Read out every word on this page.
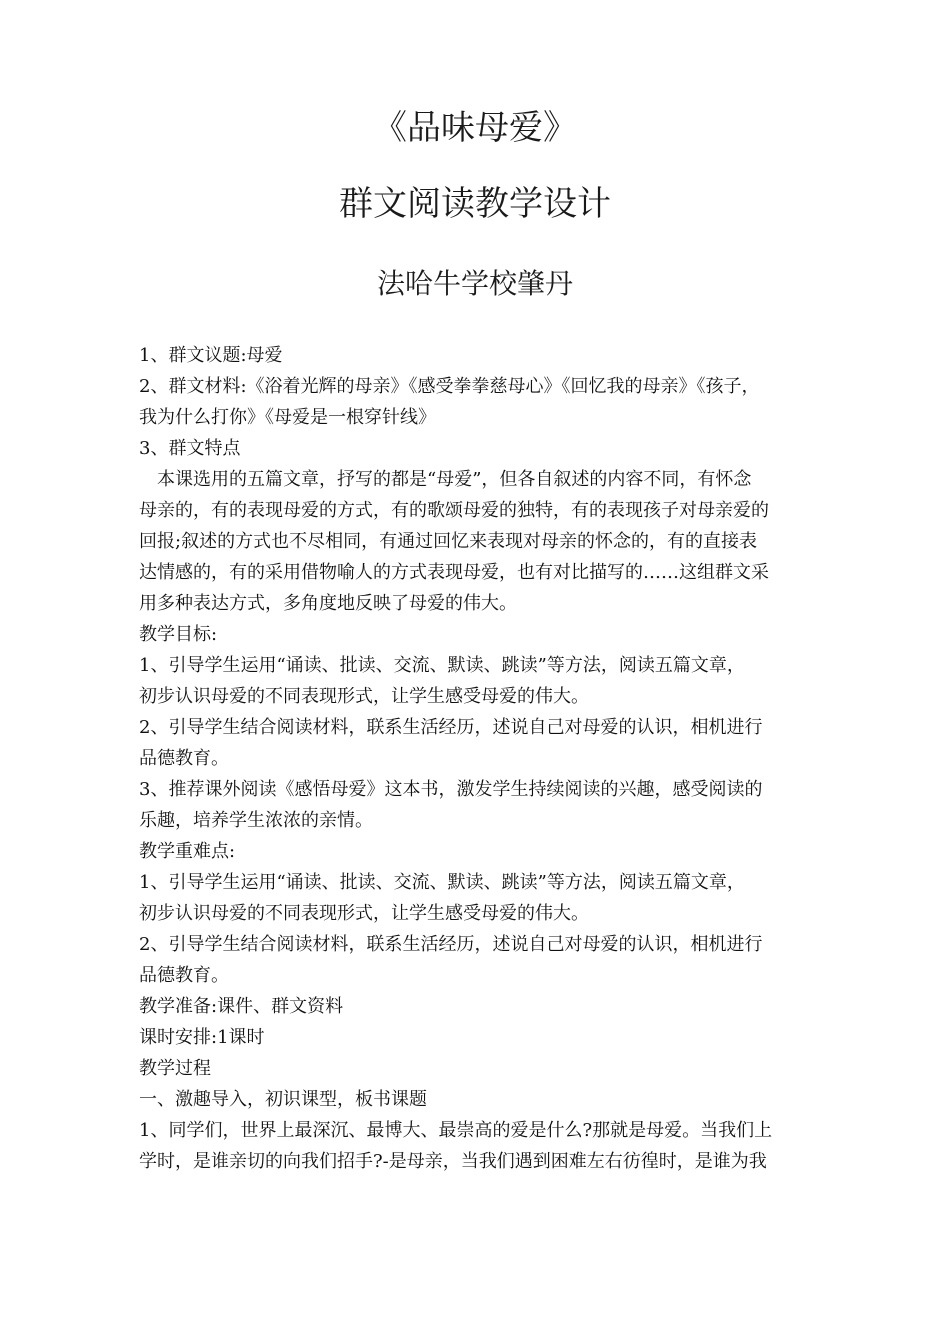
《品味母爱》
群文阅读教学设计
法哈牛学校肇丹

1、群文议题:母爱

2、群文材料:《浴着光辉的母亲》《感受拳拳慈母心》《回忆我的母亲》《孩子，

我为什么打你》《母爱是一根穿针线》

3、群文特点

　本课选用的五篇文章，抒写的都是“母爱”，但各自叙述的内容不同，有怀念

母亲的，有的表现母爱的方式，有的歌颂母爱的独特，有的表现孩子对母亲爱的

回报;叙述的方式也不尽相同，有通过回忆来表现对母亲的怀念的，有的直接表

达情感的，有的采用借物喻人的方式表现母爱，也有对比描写的……这组群文采

用多种表达方式，多角度地反映了母爱的伟大。

教学目标:

1、引导学生运用“诵读、批读、交流、默读、跳读”等方法，阅读五篇文章，

初步认识母爱的不同表现形式，让学生感受母爱的伟大。

2、引导学生结合阅读材料，联系生活经历，述说自己对母爱的认识，相机进行

品德教育。

3、推荐课外阅读《感悟母爱》这本书，激发学生持续阅读的兴趣，感受阅读的

乐趣，培养学生浓浓的亲情。

教学重难点:

1、引导学生运用“诵读、批读、交流、默读、跳读”等方法，阅读五篇文章，

初步认识母爱的不同表现形式，让学生感受母爱的伟大。

2、引导学生结合阅读材料，联系生活经历，述说自己对母爱的认识，相机进行

品德教育。

教学准备:课件、群文资料

课时安排:1课时

教学过程

一、激趣导入，初识课型，板书课题

1、同学们，世界上最深沉、最博大、最崇高的爱是什么?那就是母爱。当我们上

学时，是谁亲切的向我们招手?-是母亲，当我们遇到困难左右彷徨时，是谁为我
